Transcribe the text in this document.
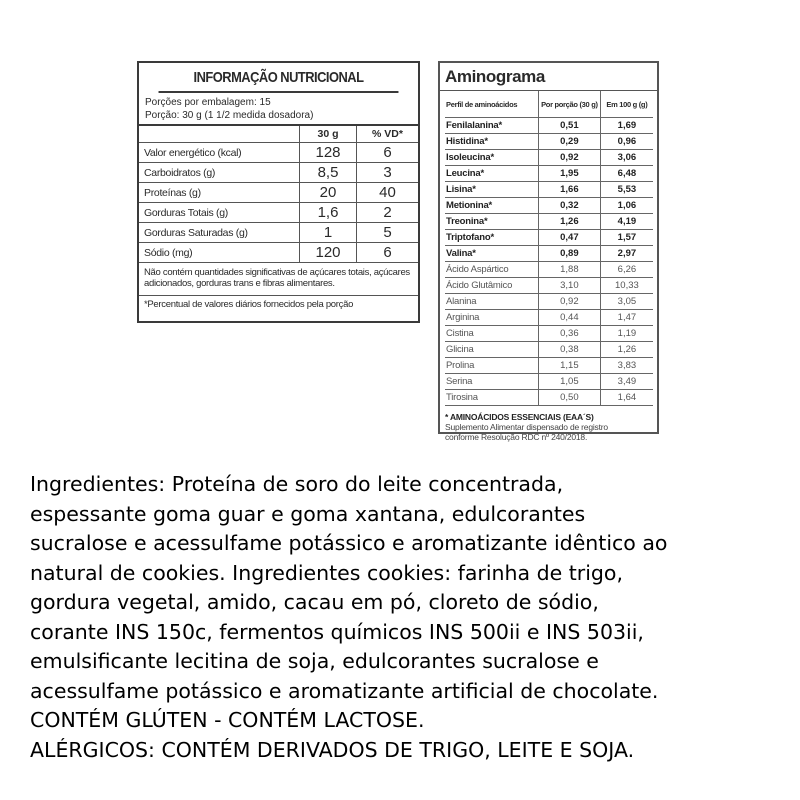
INFORMAÇÃO NUTRICIONAL
Porções por embalagem: 15
Porção: 30 g (1 1/2 medida dosadora)
	30 g	% VD*
Valor energético (kcal)	128	6
Carboidratos (g)	8,5	3
Proteínas (g)	20	40
Gorduras Totais (g)	1,6	2
Gorduras Saturadas (g)	1	5
Sódio (mg)	120	6
Não contém quantidades significativas de açúcares totais, açúcares adicionados, gorduras trans e fibras alimentares.
*Percentual de valores diários fornecidos pela porção
Aminograma
Perfil de aminoácidos	Por porção (30 g)	Em 100 g (g)
Fenilalanina*	0,51	1,69
Histidina*	0,29	0,96
Isoleucina*	0,92	3,06
Leucina*	1,95	6,48
Lisina*	1,66	5,53
Metionina*	0,32	1,06
Treonina*	1,26	4,19
Triptofano*	0,47	1,57
Valina*	0,89	2,97
Ácido Aspártico	1,88	6,26
Ácido Glutâmico	3,10	10,33
Alanina	0,92	3,05
Arginina	0,44	1,47
Cistina	0,36	1,19
Glicina	0,38	1,26
Prolina	1,15	3,83
Serina	1,05	3,49
Tirosina	0,50	1,64
* AMINOÁCIDOS ESSENCIAIS (EAA´S)
Suplemento Alimentar dispensado de registro
conforme Resolução RDC nº 240/2018.
Ingredientes: Proteína de soro do leite concentrada,
espessante goma guar e goma xantana, edulcorantes
sucralose e acessulfame potássico e aromatizante idêntico ao
natural de cookies. Ingredientes cookies: farinha de trigo,
gordura vegetal, amido, cacau em pó, cloreto de sódio,
corante INS 150c, fermentos químicos INS 500ii e INS 503ii,
emulsificante lecitina de soja, edulcorantes sucralose e
acessulfame potássico e aromatizante artificial de chocolate.
CONTÉM GLÚTEN - CONTÉM LACTOSE.
ALÉRGICOS: CONTÉM DERIVADOS DE TRIGO, LEITE E SOJA.
